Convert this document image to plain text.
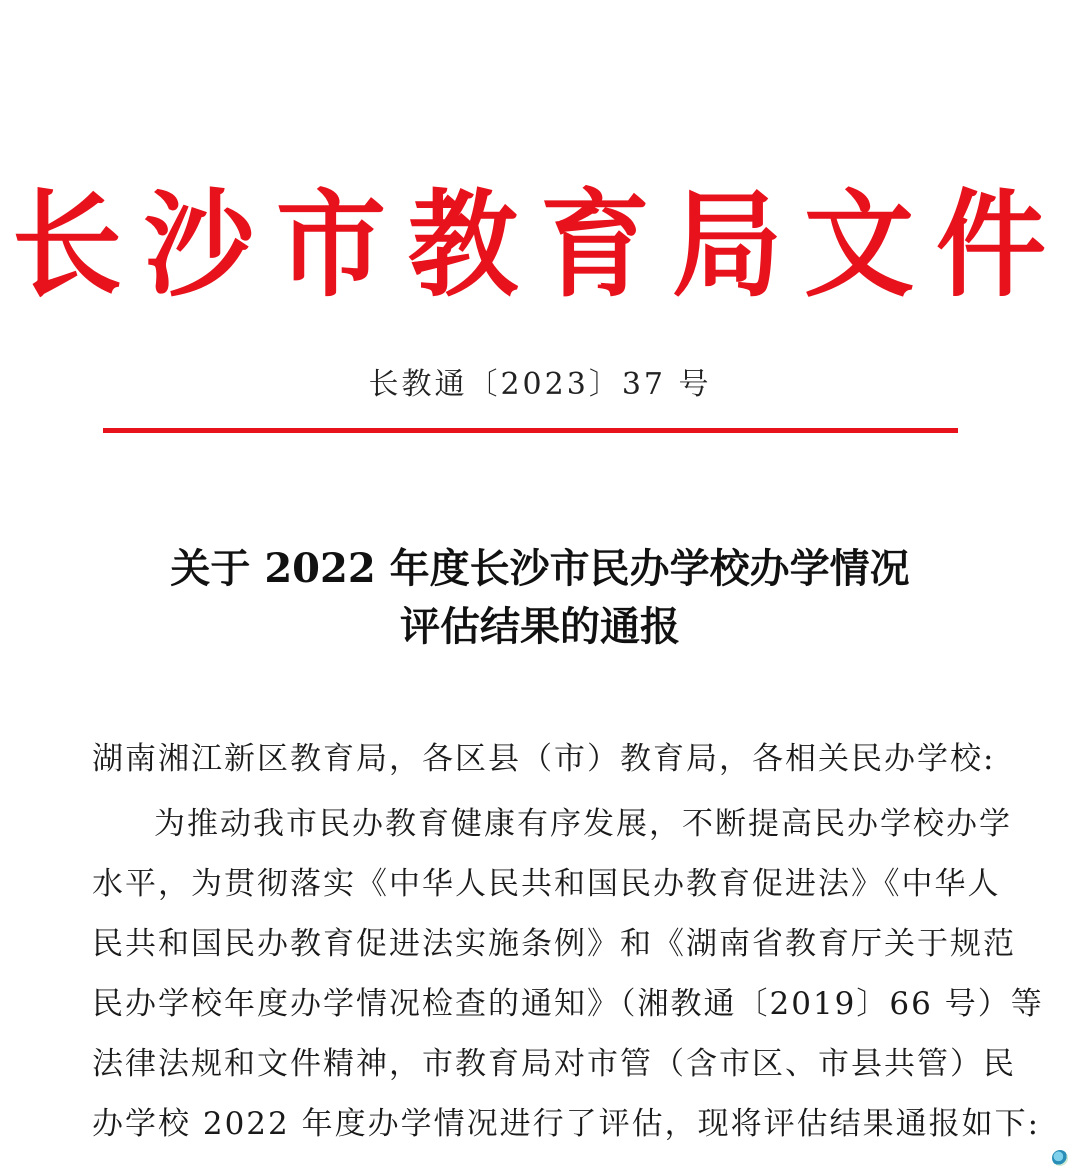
长沙市教育局文件
长教通〔2023〕37 号
关于 2022 年度长沙市民办学校办学情况
评估结果的通报
湖南湘江新区教育局，各区县（市）教育局，各相关民办学校:
为推动我市民办教育健康有序发展，不断提高民办学校办学
水平，为贯彻落实《中华人民共和国民办教育促进法》《中华人
民共和国民办教育促进法实施条例》和《湖南省教育厅关于规范
民办学校年度办学情况检查的通知》（湘教通〔2019〕66 号）等
法律法规和文件精神，市教育局对市管（含市区、市县共管）民
办学校 2022 年度办学情况进行了评估，现将评估结果通报如下:
